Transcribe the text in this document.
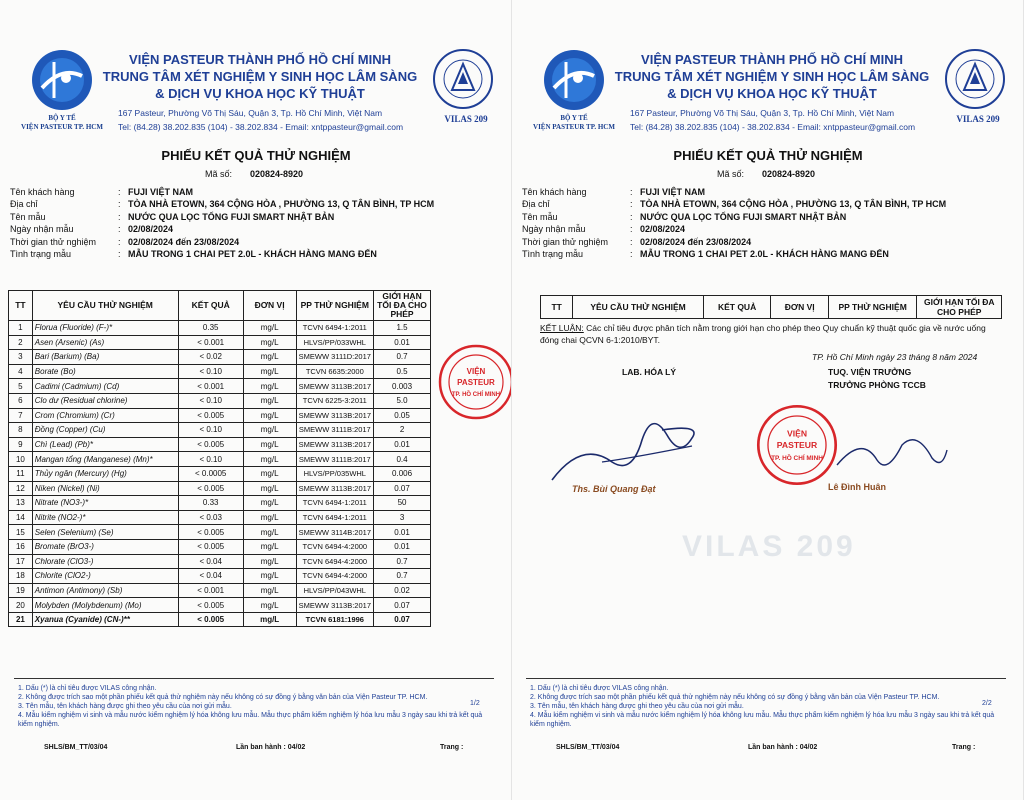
BỘ Y TẾ
VIỆN PASTEUR TP. HCM
VIỆN PASTEUR THÀNH PHỐ HỒ CHÍ MINH
TRUNG TÂM XÉT NGHIỆM Y SINH HỌC LÂM SÀNG
& DỊCH VỤ KHOA HỌC KỸ THUẬT
167 Pasteur, Phường Võ Thị Sáu, Quận 3, Tp. Hồ Chí Minh, Việt Nam
Tel: (84.28) 38.202.835 (104) - 38.202.834 - Email: xntppasteur@gmail.com
VILAS 209
PHIẾU KẾT QUẢ THỬ NGHIỆM
Mã số: 020824-8920
Tên khách hàng	: FUJI VIỆT NAM
Địa chỉ	: TÒA NHÀ ETOWN, 364 CỘNG HÒA , PHƯỜNG 13, Q TÂN BÌNH, TP HCM
Tên mẫu	: NƯỚC QUA LỌC TỔNG FUJI SMART NHẬT BẢN
Ngày nhận mẫu	: 02/08/2024
Thời gian thử nghiệm : 02/08/2024 đến 23/08/2024
Tình trạng mẫu	: MẪU TRONG 1 CHAI PET 2.0L - KHÁCH HÀNG MANG ĐẾN
TT	YÊU CẦU THỬ NGHIỆM	KẾT QUẢ	ĐƠN VỊ	PP THỬ NGHIỆM	GIỚI HẠN TỐI ĐA CHO PHÉP
1	Florua (Fluoride) (F-)*	0.35	mg/L	TCVN 6494-1:2011	1.5
2	Asen (Arsenic) (As)	< 0.001	mg/L	HLVS/PP/033WHL	0.01
3	Bari (Barium) (Ba)	< 0.02	mg/L	SMEWW 3111D:2017	0.7
4	Borate (Bo)	< 0.10	mg/L	TCVN 6635:2000	0.5
5	Cadimi (Cadmium) (Cd)	< 0.001	mg/L	SMEWW 3113B:2017	0.003
6	Clo dư (Residual chlorine)	< 0.10	mg/L	TCVN 6225-3:2011	5.0
7	Crom (Chromium) (Cr)	< 0.005	mg/L	SMEWW 3113B:2017	0.05
8	Đồng (Copper) (Cu)	< 0.10	mg/L	SMEWW 3111B:2017	2
9	Chì (Lead) (Pb)*	< 0.005	mg/L	SMEWW 3113B:2017	0.01
10	Mangan tổng (Manganese) (Mn)*	< 0.10	mg/L	SMEWW 3111B:2017	0.4
11	Thủy ngân (Mercury) (Hg)	< 0.0005	mg/L	HLVS/PP/035WHL	0.006
12	Niken (Nickel) (Ni)	< 0.005	mg/L	SMEWW 3113B:2017	0.07
13	Nitrate (NO3-)*	0.33	mg/L	TCVN 6494-1:2011	50
14	Nitrite (NO2-)*	< 0.03	mg/L	TCVN 6494-1:2011	3
15	Selen (Selenium) (Se)	< 0.005	mg/L	SMEWW 3114B:2017	0.01
16	Bromate (BrO3-)	< 0.005	mg/L	TCVN 6494-4:2000	0.01
17	Chlorate (ClO3-)	< 0.04	mg/L	TCVN 6494-4:2000	0.7
18	Chlorite (ClO2-)	< 0.04	mg/L	TCVN 6494-4:2000	0.7
19	Antimon (Antimony) (Sb)	< 0.001	mg/L	HLVS/PP/043WHL	0.02
20	Molybden (Molybdenum) (Mo)	< 0.005	mg/L	SMEWW 3113B:2017	0.07
21	Xyanua (Cyanide) (CN-)**	< 0.005	mg/L	TCVN 6181:1996	0.07
VIỆN
PASTEUR
TP. HỒ CHÍ MINH
1. Dấu (*) là chỉ tiêu được VILAS công nhận.
2. Không được trích sao một phần phiếu kết quả thử nghiệm này nếu không có sự đồng ý bằng văn bản của Viện Pasteur TP. HCM.
3. Tên mẫu, tên khách hàng được ghi theo yêu cầu của nơi gửi mẫu.
4. Mẫu kiểm nghiệm vi sinh và mẫu nước kiểm nghiệm lý hóa không lưu mẫu. Mẫu thực phẩm kiểm nghiệm lý hóa lưu mẫu 3 ngày sau khi trả kết quả kiểm nghiệm.
SHLS/BM_TT/03/04	Lần ban hành : 04/02	Trang :
1/2
BỘ Y TẾ
VIỆN PASTEUR TP. HCM
VIỆN PASTEUR THÀNH PHỐ HỒ CHÍ MINH
TRUNG TÂM XÉT NGHIỆM Y SINH HỌC LÂM SÀNG
& DỊCH VỤ KHOA HỌC KỸ THUẬT
167 Pasteur, Phường Võ Thị Sáu, Quận 3, Tp. Hồ Chí Minh, Việt Nam
Tel: (84.28) 38.202.835 (104) - 38.202.834 - Email: xntppasteur@gmail.com
VILAS 209
PHIẾU KẾT QUẢ THỬ NGHIỆM
Mã số: 020824-8920
Tên khách hàng	: FUJI VIỆT NAM
Địa chỉ	: TÒA NHÀ ETOWN, 364 CỘNG HÒA , PHƯỜNG 13, Q TÂN BÌNH, TP HCM
Tên mẫu	: NƯỚC QUA LỌC TỔNG FUJI SMART NHẬT BẢN
Ngày nhận mẫu	: 02/08/2024
Thời gian thử nghiệm : 02/08/2024 đến 23/08/2024
Tình trạng mẫu	: MẪU TRONG 1 CHAI PET 2.0L - KHÁCH HÀNG MANG ĐẾN
TT	YÊU CẦU THỬ NGHIỆM	KẾT QUẢ	ĐƠN VỊ	PP THỬ NGHIỆM	GIỚI HẠN TỐI ĐA CHO PHÉP
KẾT LUẬN: Các chỉ tiêu được phân tích nằm trong giới hạn cho phép theo Quy chuẩn kỹ thuật quốc gia về nước uống đóng chai QCVN 6-1:2010/BYT.
TP. Hồ Chí Minh ngày 23 tháng 8 năm 2024
LAB. HÓA LÝ	TUQ. VIỆN TRƯỞNG
TRƯỞNG PHÒNG TCCB
VIỆN
PASTEUR
TP. HỒ CHÍ MINH
Ths. Bùi Quang Đạt	Lê Đình Huân
VILAS 209
1. Dấu (*) là chỉ tiêu được VILAS công nhận.
2. Không được trích sao một phần phiếu kết quả thử nghiệm này nếu không có sự đồng ý bằng văn bản của Viện Pasteur TP. HCM.
3. Tên mẫu, tên khách hàng được ghi theo yêu cầu của nơi gửi mẫu.
4. Mẫu kiểm nghiệm vi sinh và mẫu nước kiểm nghiệm lý hóa không lưu mẫu. Mẫu thực phẩm kiểm nghiệm lý hóa lưu mẫu 3 ngày sau khi trả kết quả kiểm nghiệm.
SHLS/BM_TT/03/04	Lần ban hành : 04/02	Trang :
2/2
